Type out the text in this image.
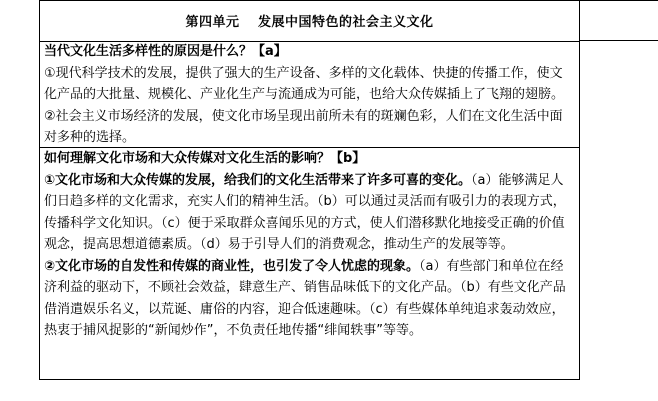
第四单元　 发展中国特色的社会主义文化

当代文化生活多样性的原因是什么？【a】

①现代科学技术的发展，提供了强大的生产设备、多样的文化载体、快捷的传播工作，使文化产品的大批量、规模化、产业化生产与流通成为可能，也给大众传媒插上了飞翔的翅膀。②社会主义市场经济的发展，使文化市场呈现出前所未有的斑斓色彩，人们在文化生活中面对多种的选择。

如何理解文化市场和大众传媒对文化生活的影响？【b】

①文化市场和大众传媒的发展，给我们的文化生活带来了许多可喜的变化。（a）能够满足人们日趋多样的文化需求，充实人们的精神生活。（b）可以通过灵活而有吸引力的表现方式，传播科学文化知识。（c）便于采取群众喜闻乐见的方式，使人们潜移默化地接受正确的价值观念，提高思想道德素质。（d）易于引导人们的消费观念，推动生产的发展等等。

②文化市场的自发性和传媒的商业性，也引发了令人忧虑的现象。（a）有些部门和单位在经济利益的驱动下，不顾社会效益，肆意生产、销售品味低下的文化产品。（b）有些文化产品借消遣娱乐名义，以荒诞、庸俗的内容，迎合低速趣味。（c）有些媒体单纯追求轰动效应，热衷于捕风捉影的“新闻炒作”，不负责任地传播“绯闻轶事”等等。
